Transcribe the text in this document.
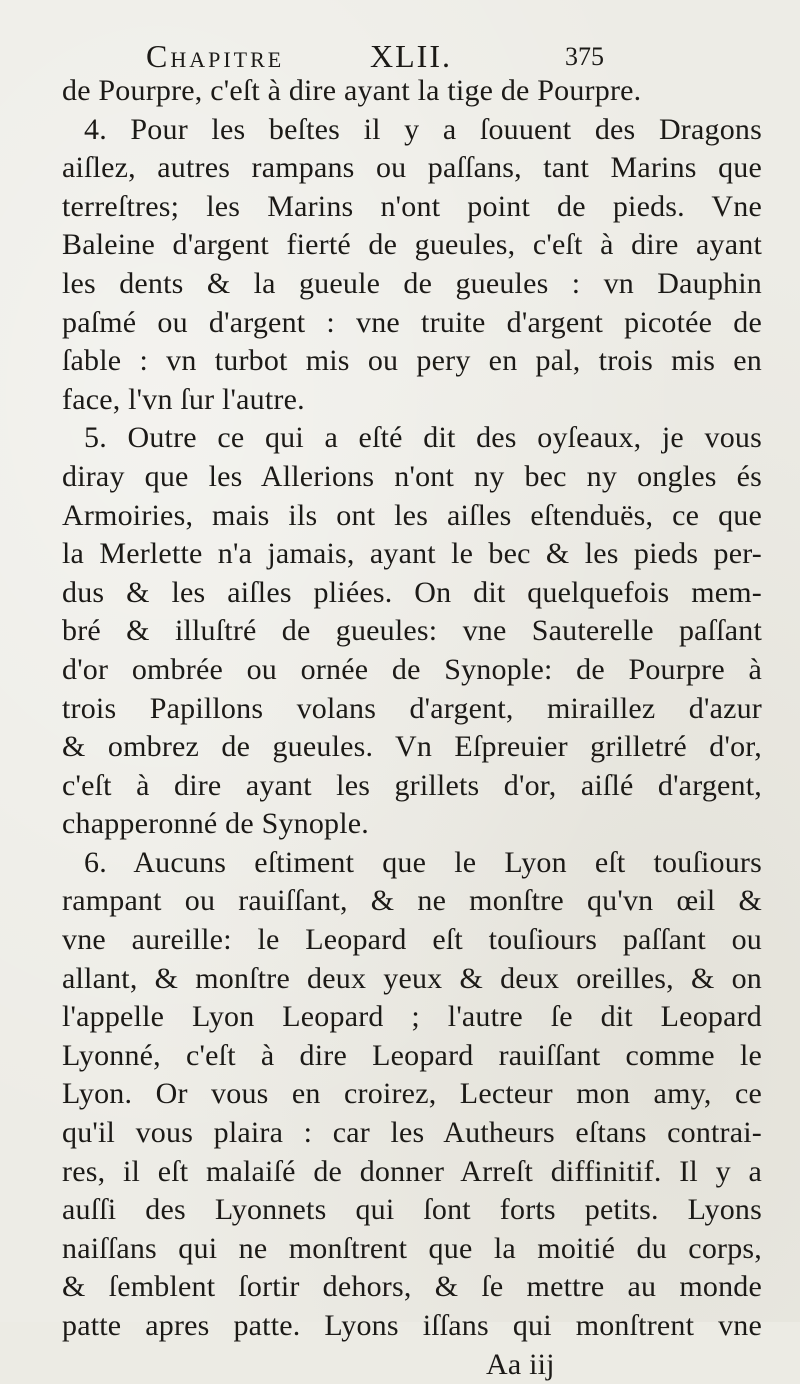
Chapitre	XLII.	375
de Pourpre, c'eſt à dire ayant la tige de Pourpre.
4. Pour les beſtes il y a ſouuent des Dragons
aiſlez, autres rampans ou paſſans, tant Marins que
terreſtres; les Marins n'ont point de pieds. Vne
Baleine d'argent fierté de gueules, c'eſt à dire ayant
les dents & la gueule de gueules : vn Dauphin
paſmé ou d'argent : vne truite d'argent picotée de
ſable : vn turbot mis ou pery en pal, trois mis en
face, l'vn ſur l'autre.
5. Outre ce qui a eſté dit des oyſeaux, je vous
diray que les Allerions n'ont ny bec ny ongles és
Armoiries, mais ils ont les aiſles eſtenduës, ce que
la Merlette n'a jamais, ayant le bec & les pieds per-
dus & les aiſles pliées. On dit quelquefois mem-
bré & illuſtré de gueules: vne Sauterelle paſſant
d'or ombrée ou ornée de Synople: de Pourpre à
trois Papillons volans d'argent, miraillez d'azur
& ombrez de gueules. Vn Eſpreuier grilletré d'or,
c'eſt à dire ayant les grillets d'or, aiſlé d'argent,
chapperonné de Synople.
6. Aucuns eſtiment que le Lyon eſt touſiours
rampant ou rauiſſant, & ne monſtre qu'vn œil &
vne aureille: le Leopard eſt touſiours paſſant ou
allant, & monſtre deux yeux & deux oreilles, & on
l'appelle Lyon Leopard ; l'autre ſe dit Leopard
Lyonné, c'eſt à dire Leopard rauiſſant comme le
Lyon. Or vous en croirez, Lecteur mon amy, ce
qu'il vous plaira : car les Autheurs eſtans contrai-
res, il eſt malaiſé de donner Arreſt diffinitif. Il y a
auſſi des Lyonnets qui ſont forts petits. Lyons
naiſſans qui ne monſtrent que la moitié du corps,
& ſemblent ſortir dehors, & ſe mettre au monde
patte apres patte. Lyons iſſans qui monſtrent vne
Aa iij
